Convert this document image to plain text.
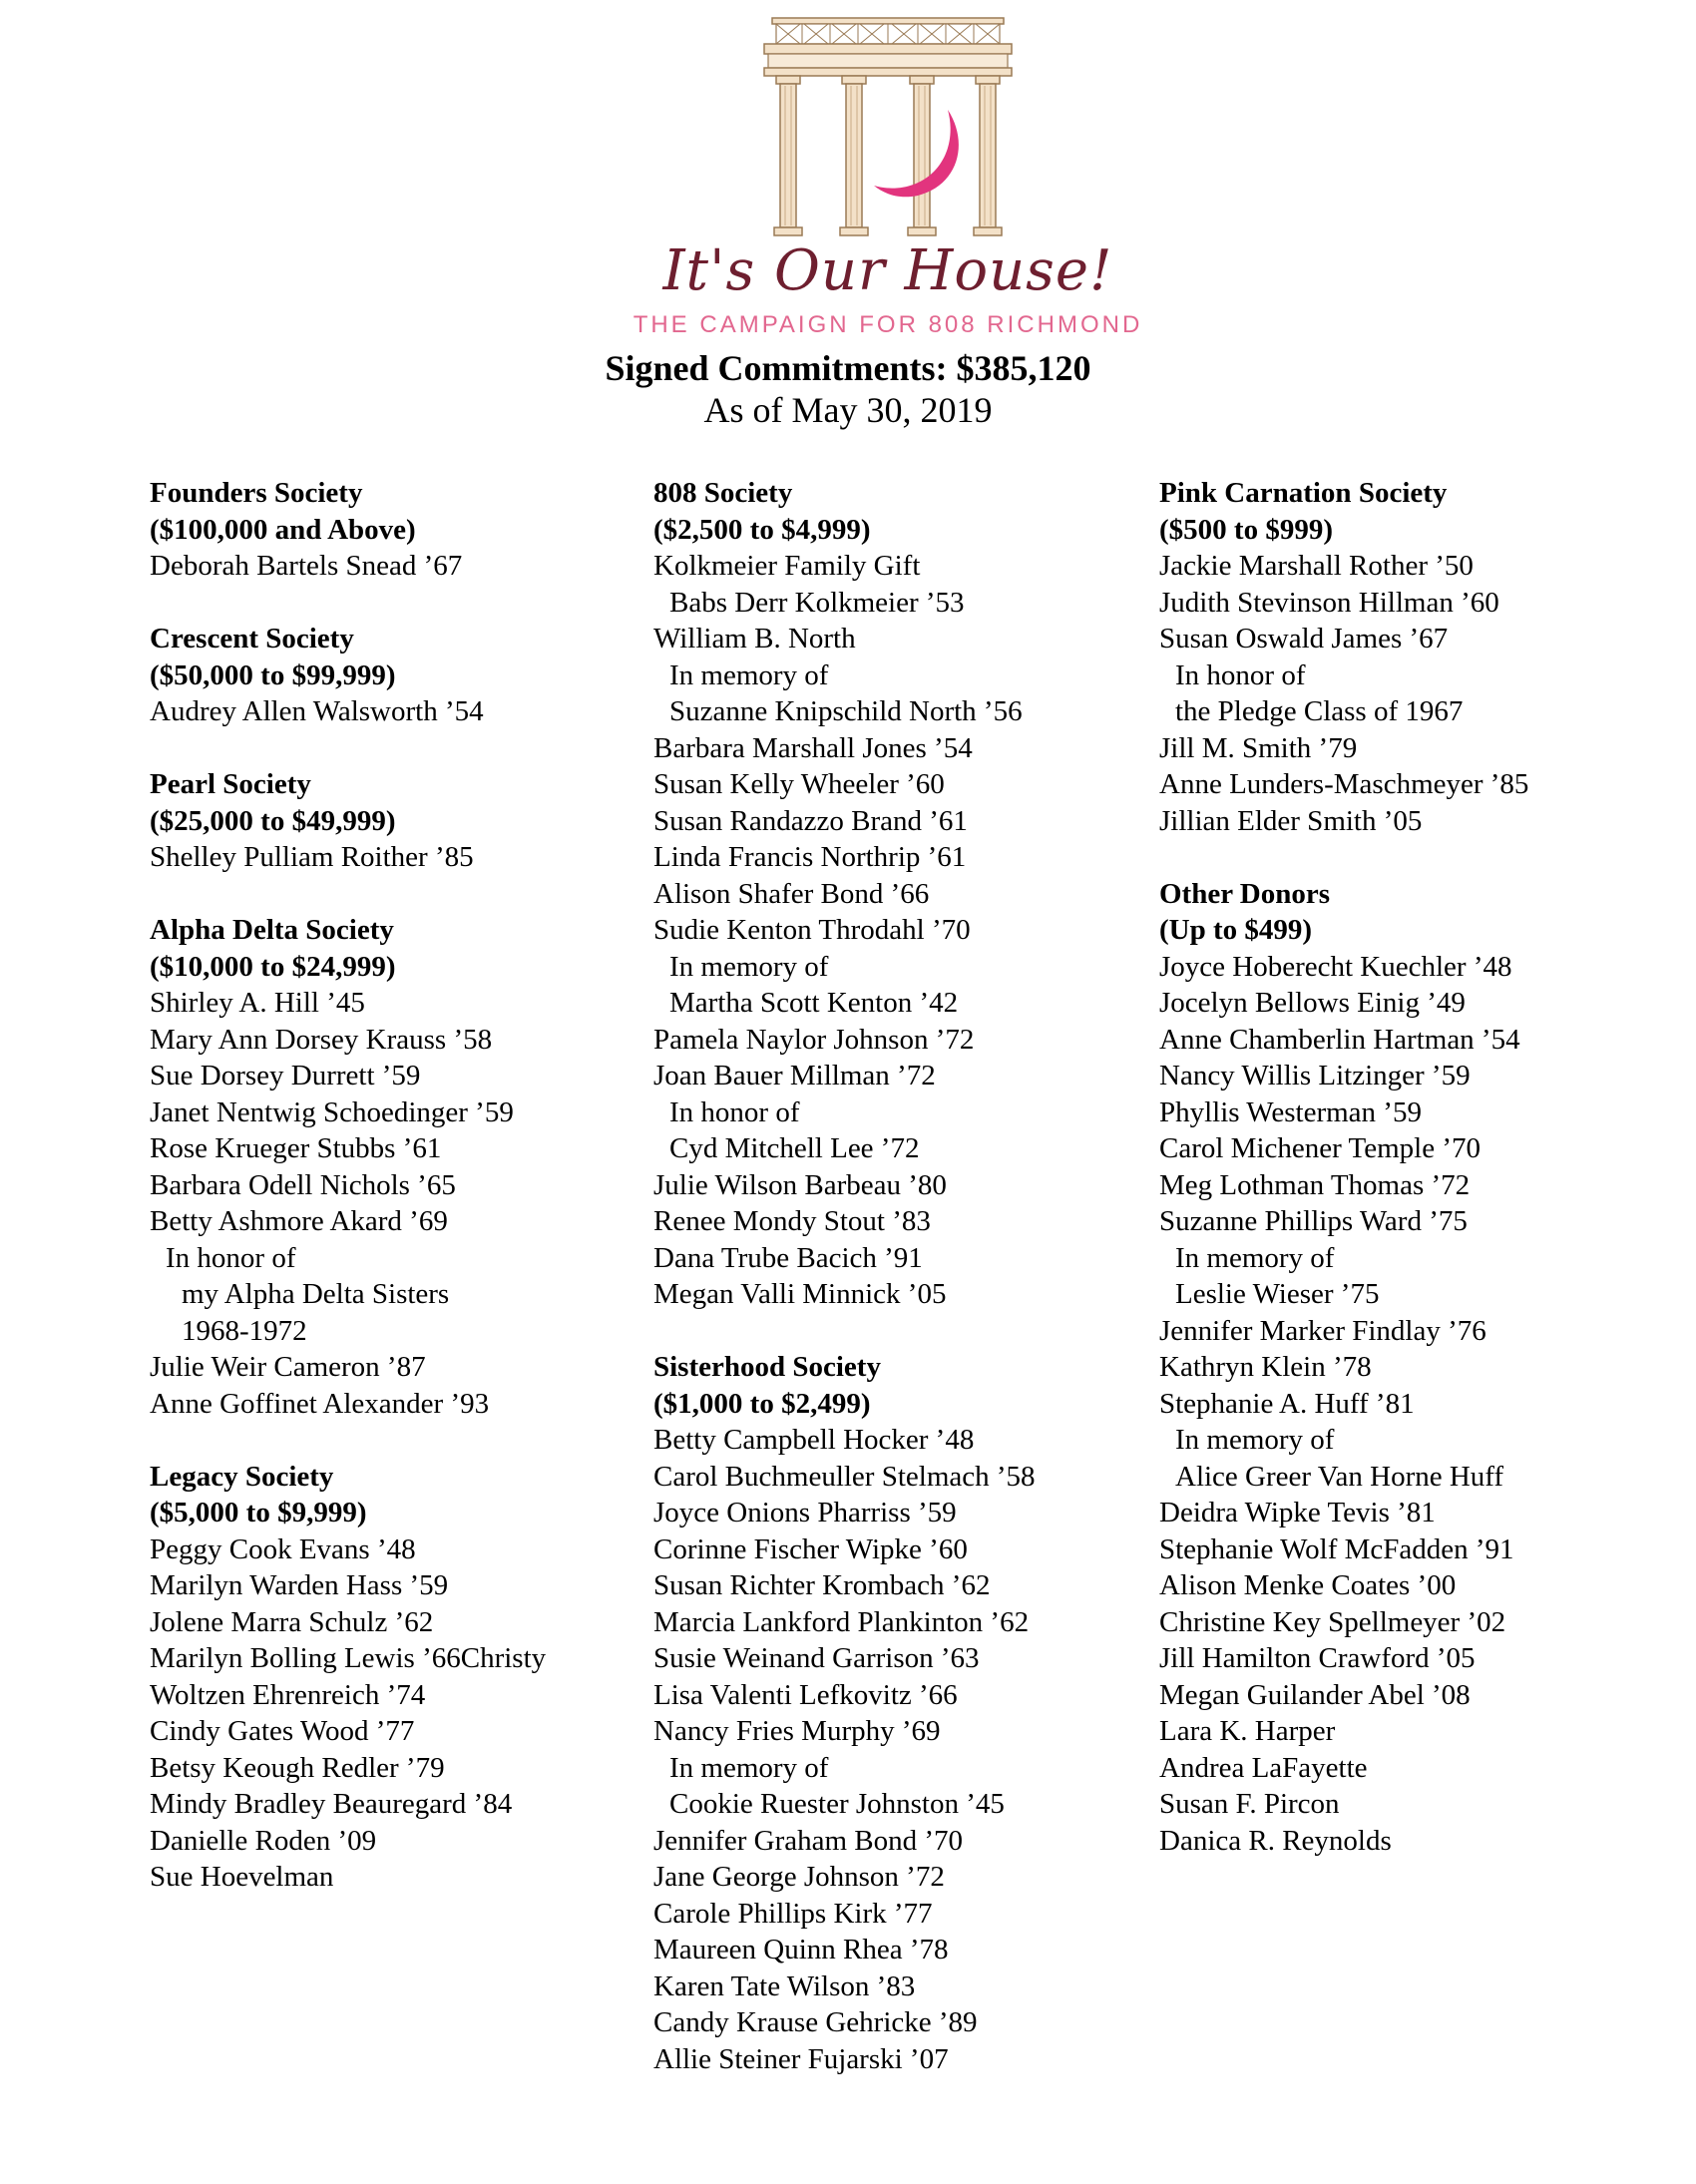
It's Our House!
THE CAMPAIGN FOR 808 RICHMOND
Signed Commitments: $385,120
As of May 30, 2019
Founders Society
($100,000 and Above)
Deborah Bartels Snead ’67
Crescent Society
($50,000 to $99,999)
Audrey Allen Walsworth ’54
Pearl Society
($25,000 to $49,999)
Shelley Pulliam Roither ’85
Alpha Delta Society
($10,000 to $24,999)
Shirley A. Hill ’45
Mary Ann Dorsey Krauss ’58
Sue Dorsey Durrett ’59
Janet Nentwig Schoedinger ’59
Rose Krueger Stubbs ’61
Barbara Odell Nichols ’65
Betty Ashmore Akard ’69
In honor of
my Alpha Delta Sisters
1968-1972
Julie Weir Cameron ’87
Anne Goffinet Alexander ’93
Legacy Society
($5,000 to $9,999)
Peggy Cook Evans ’48
Marilyn Warden Hass ’59
Jolene Marra Schulz ’62
Marilyn Bolling Lewis ’66Christy
Woltzen Ehrenreich ’74
Cindy Gates Wood ’77
Betsy Keough Redler ’79
Mindy Bradley Beauregard ’84
Danielle Roden ’09
Sue Hoevelman
808 Society
($2,500 to $4,999)
Kolkmeier Family Gift
Babs Derr Kolkmeier ’53
William B. North
In memory of
Suzanne Knipschild North ’56
Barbara Marshall Jones ’54
Susan Kelly Wheeler ’60
Susan Randazzo Brand ’61
Linda Francis Northrip ’61
Alison Shafer Bond ’66
Sudie Kenton Throdahl ’70
In memory of
Martha Scott Kenton ’42
Pamela Naylor Johnson ’72
Joan Bauer Millman ’72
In honor of
Cyd Mitchell Lee ’72
Julie Wilson Barbeau ’80
Renee Mondy Stout ’83
Dana Trube Bacich ’91
Megan Valli Minnick ’05
Sisterhood Society
($1,000 to $2,499)
Betty Campbell Hocker ’48
Carol Buchmeuller Stelmach ’58
Joyce Onions Pharriss ’59
Corinne Fischer Wipke ’60
Susan Richter Krombach ’62
Marcia Lankford Plankinton ’62
Susie Weinand Garrison ’63
Lisa Valenti Lefkovitz ’66
Nancy Fries Murphy ’69
In memory of
Cookie Ruester Johnston ’45
Jennifer Graham Bond ’70
Jane George Johnson ’72
Carole Phillips Kirk ’77
Maureen Quinn Rhea ’78
Karen Tate Wilson ’83
Candy Krause Gehricke ’89
Allie Steiner Fujarski ’07
Pink Carnation Society
($500 to $999)
Jackie Marshall Rother ’50
Judith Stevinson Hillman ’60
Susan Oswald James ’67
In honor of
the Pledge Class of 1967
Jill M. Smith ’79
Anne Lunders-Maschmeyer ’85
Jillian Elder Smith ’05
Other Donors
(Up to $499)
Joyce Hoberecht Kuechler ’48
Jocelyn Bellows Einig ’49
Anne Chamberlin Hartman ’54
Nancy Willis Litzinger ’59
Phyllis Westerman ’59
Carol Michener Temple ’70
Meg Lothman Thomas ’72
Suzanne Phillips Ward ’75
In memory of
Leslie Wieser ’75
Jennifer Marker Findlay ’76
Kathryn Klein ’78
Stephanie A. Huff ’81
In memory of
Alice Greer Van Horne Huff
Deidra Wipke Tevis ’81
Stephanie Wolf McFadden ’91
Alison Menke Coates ’00
Christine Key Spellmeyer ’02
Jill Hamilton Crawford ’05
Megan Guilander Abel ’08
Lara K. Harper
Andrea LaFayette
Susan F. Pircon
Danica R. Reynolds
